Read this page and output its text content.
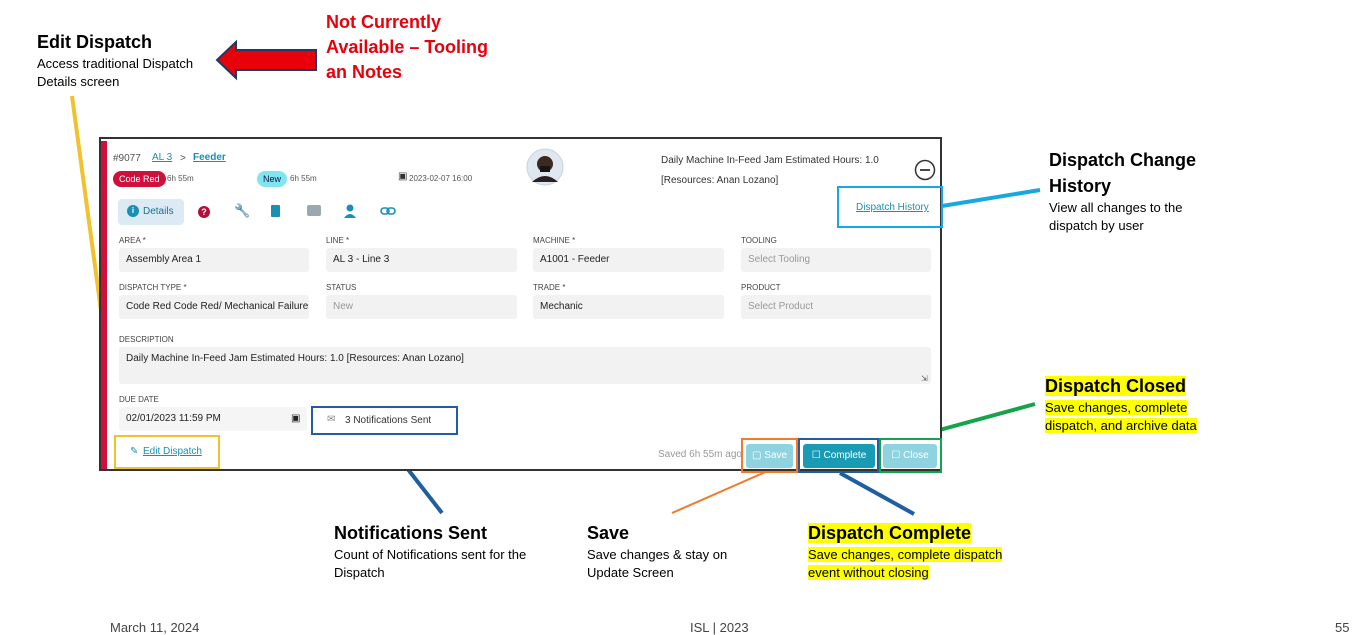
Edit Dispatch
Access traditional Dispatch
Details screen
Not Currently
Available – Tooling
an Notes
Dispatch Change
History
View all changes to the
dispatch by user
Dispatch Closed
Save changes, complete
dispatch, and archive data
Notifications Sent
Count of Notifications sent for the
Dispatch
Save
Save changes & stay on
Update Screen
Dispatch Complete
Save changes, complete dispatch
event without closing
#9077 AL 3 > Feeder
Code Red 6h 55m	New	6h 55m	▣ 2023-02-07 16:00
Daily Machine In-Feed Jam Estimated Hours: 1.0
[Resources: Anan Lozano]
Dispatch History
i Details	? 🔧
AREA *
Assembly Area 1
LINE *
AL 3 - Line 3
MACHINE *
A1001 - Feeder
TOOLING
Select Tooling
DISPATCH TYPE *
Code Red Code Red/ Mechanical Failure
STATUS
New
TRADE *
Mechanic
PRODUCT
Select Product
DESCRIPTION
Daily Machine In-Feed Jam Estimated Hours: 1.0 [Resources: Anan Lozano]
⇲
DUE DATE
02/01/2023 11:59 PM	▣	✉ 3 Notifications Sent
✎ Edit Dispatch	Saved 6h 55m ago	▢ Save	☐ Complete	☐ Close
March 11, 2024	ISL | 2023	55
